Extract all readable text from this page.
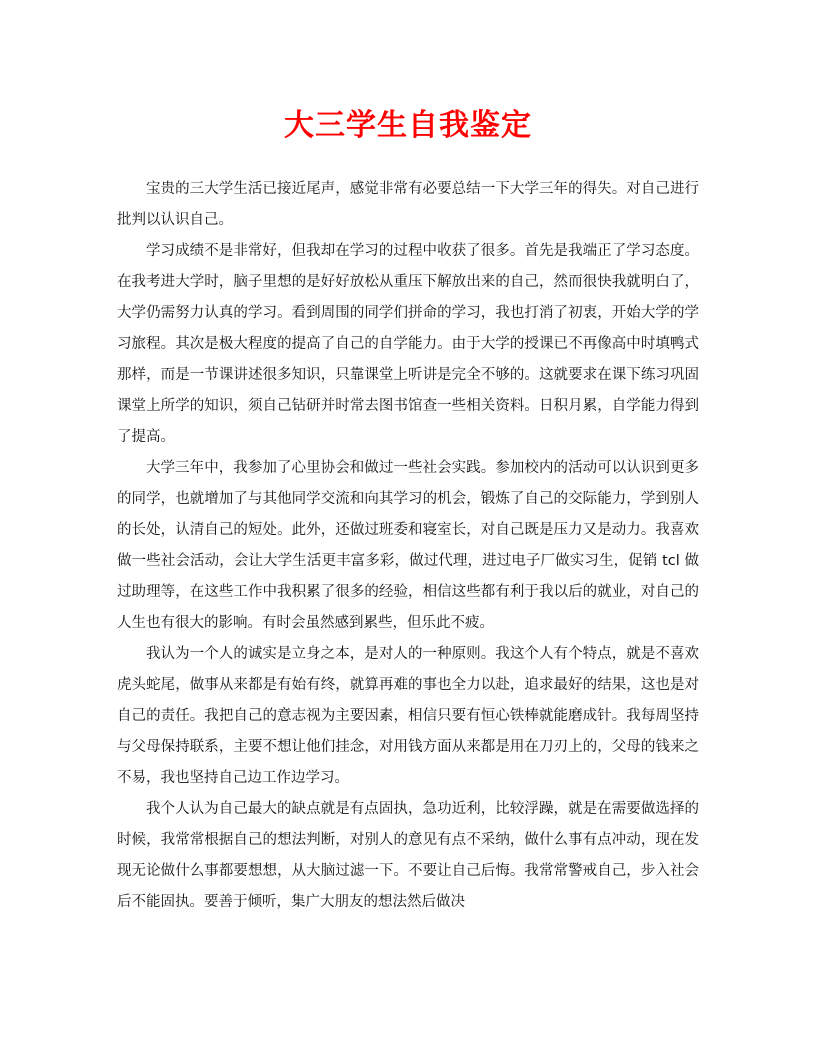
大三学生自我鉴定

宝贵的三大学生活已接近尾声，感觉非常有必要总结一下大学三年的得失。对自己进行批判以认识自己。

学习成绩不是非常好，但我却在学习的过程中收获了很多。首先是我端正了学习态度。在我考进大学时，脑子里想的是好好放松从重压下解放出来的自己，然而很快我就明白了，大学仍需努力认真的学习。看到周围的同学们拼命的学习，我也打消了初衷，开始大学的学习旅程。其次是极大程度的提高了自己的自学能力。由于大学的授课已不再像高中时填鸭式那样，而是一节课讲述很多知识，只靠课堂上听讲是完全不够的。这就要求在课下练习巩固课堂上所学的知识，须自己钻研并时常去图书馆查一些相关资料。日积月累，自学能力得到了提高。

大学三年中，我参加了心里协会和做过一些社会实践。参加校内的活动可以认识到更多的同学，也就增加了与其他同学交流和向其学习的机会，锻炼了自己的交际能力，学到别人的长处，认清自己的短处。此外，还做过班委和寝室长，对自己既是压力又是动力。我喜欢做一些社会活动，会让大学生活更丰富多彩，做过代理，进过电子厂做实习生，促销 tcl 做过助理等，在这些工作中我积累了很多的经验，相信这些都有利于我以后的就业，对自己的人生也有很大的影响。有时会虽然感到累些，但乐此不疲。

我认为一个人的诚实是立身之本，是对人的一种原则。我这个人有个特点，就是不喜欢虎头蛇尾，做事从来都是有始有终，就算再难的事也全力以赴，追求最好的结果，这也是对自己的责任。我把自己的意志视为主要因素，相信只要有恒心铁棒就能磨成针。我每周坚持与父母保持联系，主要不想让他们挂念，对用钱方面从来都是用在刀刃上的，父母的钱来之不易，我也坚持自己边工作边学习。

我个人认为自己最大的缺点就是有点固执，急功近利，比较浮躁，就是在需要做选择的时候，我常常根据自己的想法判断，对别人的意见有点不采纳，做什么事有点冲动，现在发现无论做什么事都要想想，从大脑过滤一下。不要让自己后悔。我常常警戒自己，步入社会后不能固执。要善于倾听，集广大朋友的想法然后做决
